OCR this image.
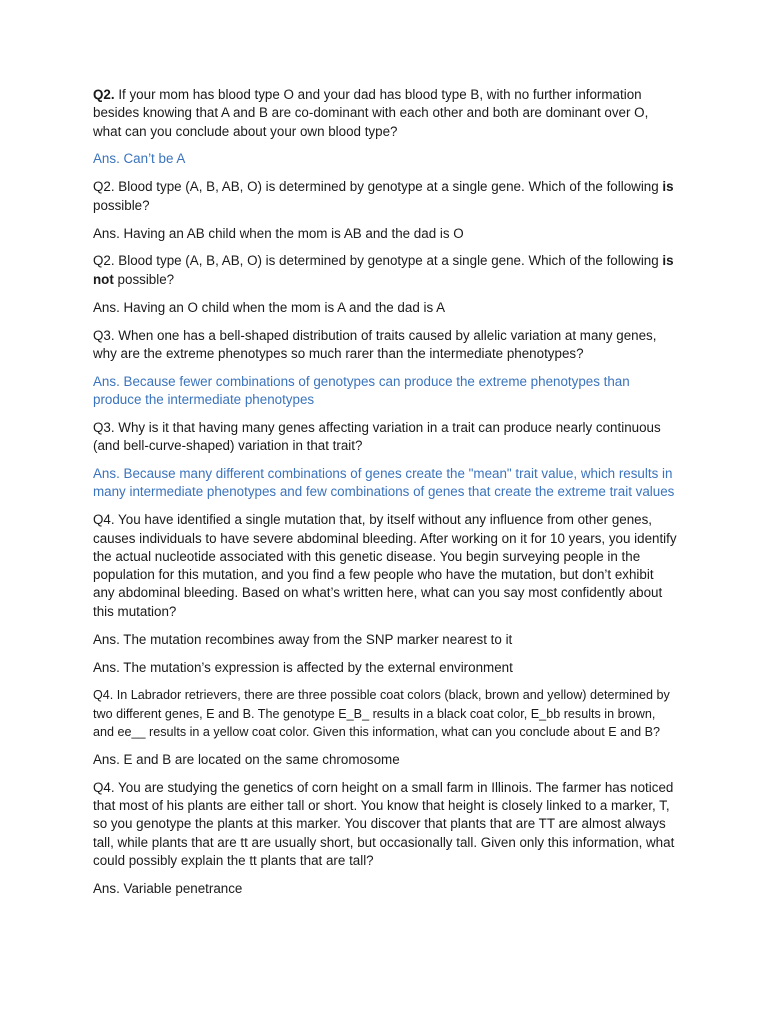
Q2. If your mom has blood type O and your dad has blood type B, with no further information besides knowing that A and B are co-dominant with each other and both are dominant over O, what can you conclude about your own blood type?

Ans. Can’t be A

Q2. Blood type (A, B, AB, O) is determined by genotype at a single gene. Which of the following is possible?

Ans. Having an AB child when the mom is AB and the dad is O

Q2. Blood type (A, B, AB, O) is determined by genotype at a single gene. Which of the following is not possible?

Ans. Having an O child when the mom is A and the dad is A

Q3. When one has a bell-shaped distribution of traits caused by allelic variation at many genes, why are the extreme phenotypes so much rarer than the intermediate phenotypes?

Ans. Because fewer combinations of genotypes can produce the extreme phenotypes than produce the intermediate phenotypes

Q3. Why is it that having many genes affecting variation in a trait can produce nearly continuous (and bell-curve-shaped) variation in that trait?

Ans. Because many different combinations of genes create the "mean" trait value, which results in many intermediate phenotypes and few combinations of genes that create the extreme trait values

Q4. You have identified a single mutation that, by itself without any influence from other genes, causes individuals to have severe abdominal bleeding. After working on it for 10 years, you identify the actual nucleotide associated with this genetic disease. You begin surveying people in the population for this mutation, and you find a few people who have the mutation, but don’t exhibit any abdominal bleeding. Based on what’s written here, what can you say most confidently about this mutation?

Ans. The mutation recombines away from the SNP marker nearest to it

Ans. The mutation’s expression is affected by the external environment

Q4. In Labrador retrievers, there are three possible coat colors (black, brown and yellow) determined by two different genes, E and B. The genotype E_B_ results in a black coat color, E_bb results in brown, and ee__ results in a yellow coat color. Given this information, what can you conclude about E and B?

Ans. E and B are located on the same chromosome

Q4. You are studying the genetics of corn height on a small farm in Illinois. The farmer has noticed that most of his plants are either tall or short. You know that height is closely linked to a marker, T, so you genotype the plants at this marker. You discover that plants that are TT are almost always tall, while plants that are tt are usually short, but occasionally tall. Given only this information, what could possibly explain the tt plants that are tall?

Ans. Variable penetrance
